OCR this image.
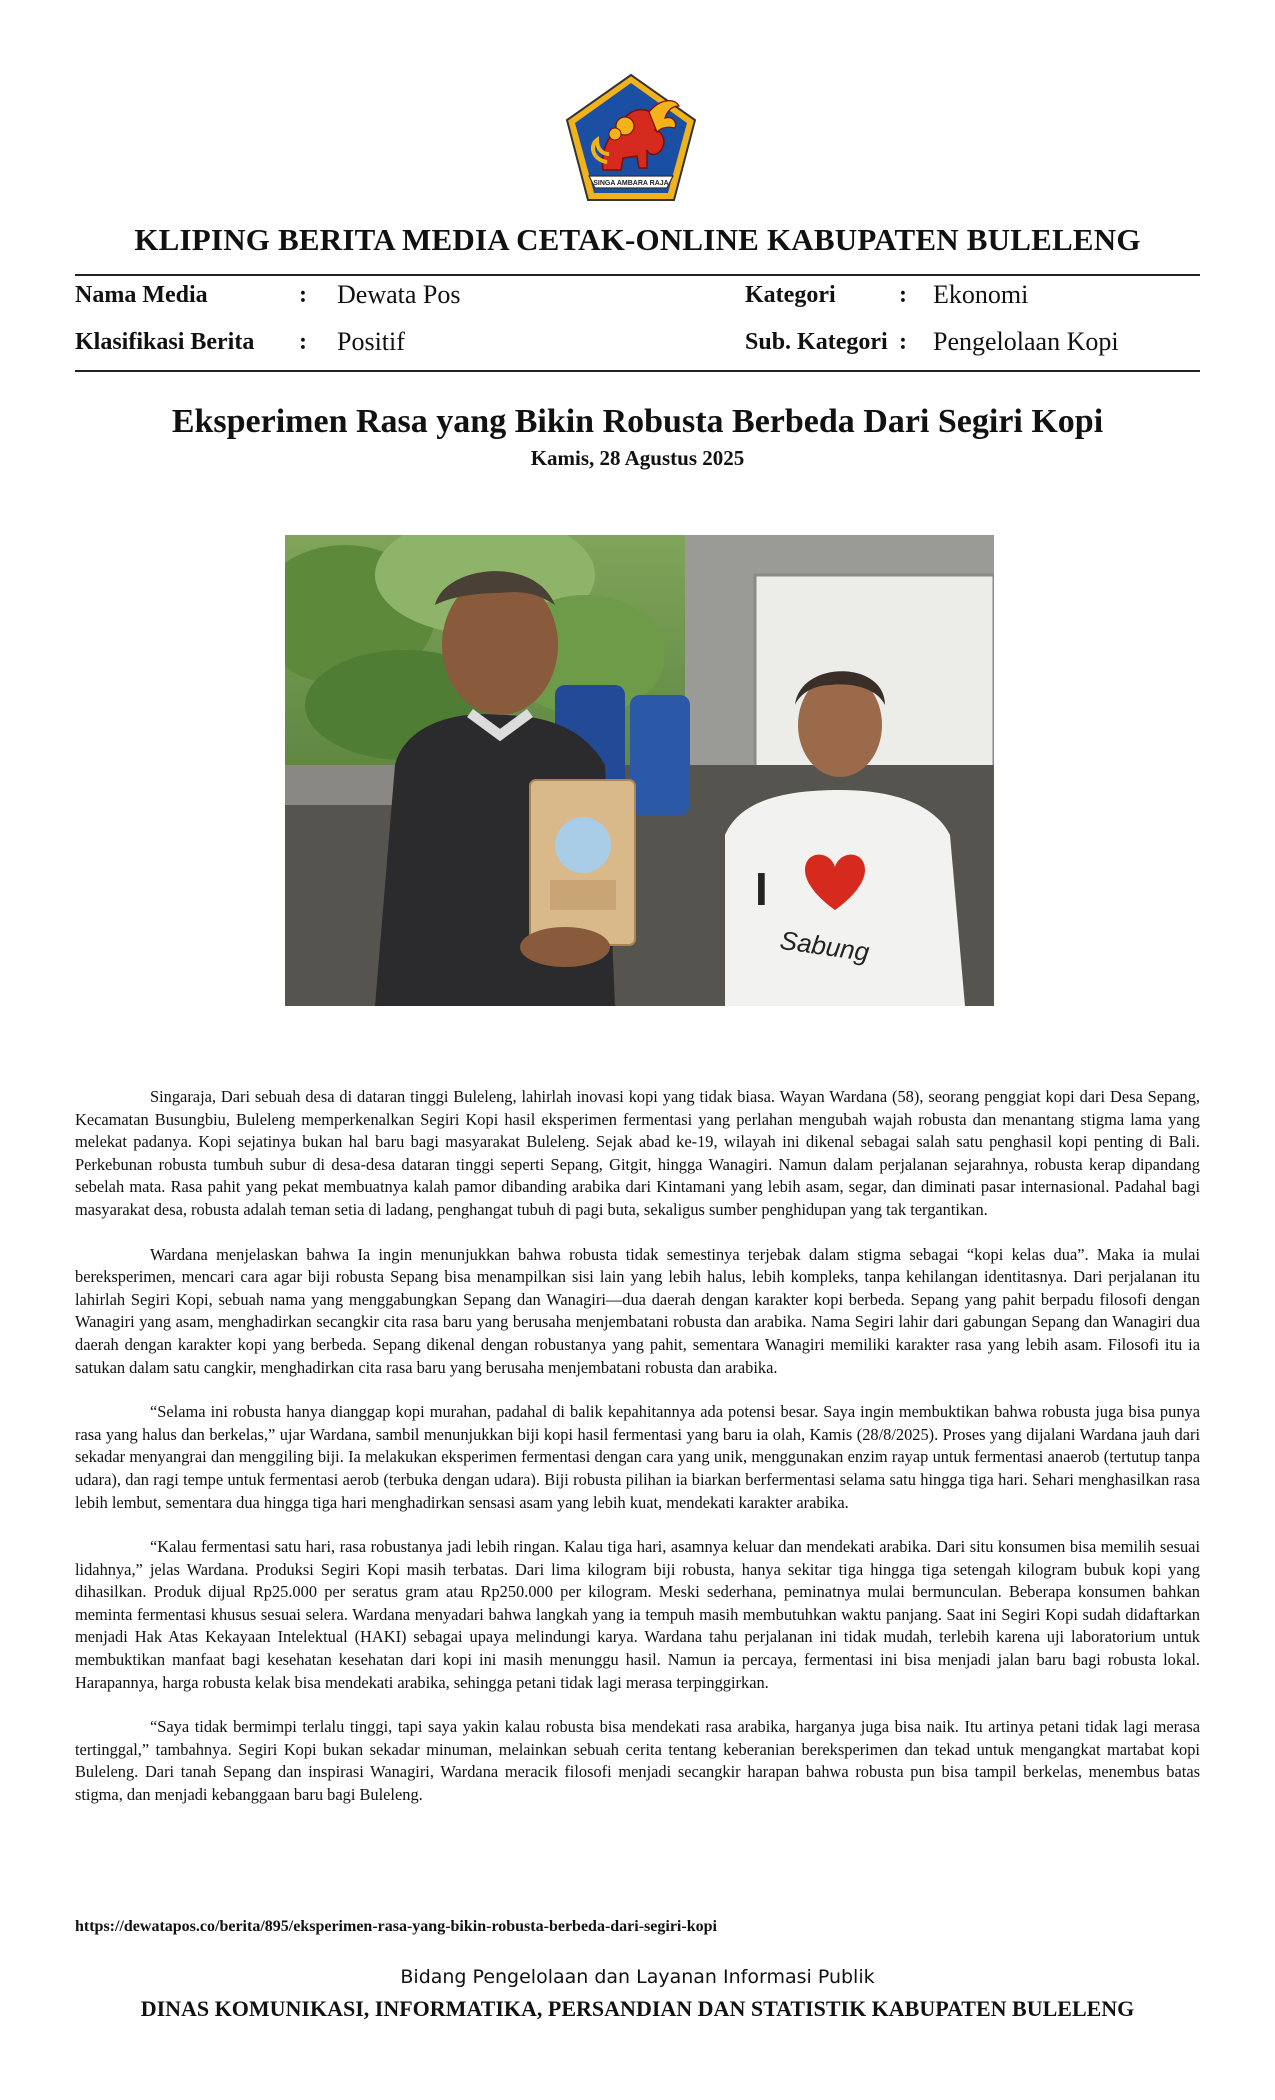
SINGA AMBARA RAJA
KLIPING BERITA MEDIA CETAK-ONLINE KABUPATEN BULELENG
Nama Media	: Dewata Pos	Kategori	: Ekonomi
Klasifikasi Berita : Positif	Sub. Kategori : Pengelolaan Kopi
Eksperimen Rasa yang Bikin Robusta Berbeda Dari Segiri Kopi
Kamis, 28 Agustus 2025
I
Sabung

Singaraja, Dari sebuah desa di dataran tinggi Buleleng, lahirlah inovasi kopi yang tidak biasa. Wayan Wardana (58), seorang penggiat kopi dari Desa Sepang, Kecamatan Busungbiu, Buleleng memperkenalkan Segiri Kopi hasil eksperimen fermentasi yang perlahan mengubah wajah robusta dan menantang stigma lama yang melekat padanya. Kopi sejatinya bukan hal baru bagi masyarakat Buleleng. Sejak abad ke-19, wilayah ini dikenal sebagai salah satu penghasil kopi penting di Bali. Perkebunan robusta tumbuh subur di desa-desa dataran tinggi seperti Sepang, Gitgit, hingga Wanagiri. Namun dalam perjalanan sejarahnya, robusta kerap dipandang sebelah mata. Rasa pahit yang pekat membuatnya kalah pamor dibanding arabika dari Kintamani yang lebih asam, segar, dan diminati pasar internasional. Padahal bagi masyarakat desa, robusta adalah teman setia di ladang, penghangat tubuh di pagi buta, sekaligus sumber penghidupan yang tak tergantikan.

Wardana menjelaskan bahwa Ia ingin menunjukkan bahwa robusta tidak semestinya terjebak dalam stigma sebagai “kopi kelas dua”. Maka ia mulai bereksperimen, mencari cara agar biji robusta Sepang bisa menampilkan sisi lain yang lebih halus, lebih kompleks, tanpa kehilangan identitasnya. Dari perjalanan itu lahirlah Segiri Kopi, sebuah nama yang menggabungkan Sepang dan Wanagiri—dua daerah dengan karakter kopi berbeda. Sepang yang pahit berpadu filosofi dengan Wanagiri yang asam, menghadirkan secangkir cita rasa baru yang berusaha menjembatani robusta dan arabika. Nama Segiri lahir dari gabungan Sepang dan Wanagiri dua daerah dengan karakter kopi yang berbeda. Sepang dikenal dengan robustanya yang pahit, sementara Wanagiri memiliki karakter rasa yang lebih asam. Filosofi itu ia satukan dalam satu cangkir, menghadirkan cita rasa baru yang berusaha menjembatani robusta dan arabika.

“Selama ini robusta hanya dianggap kopi murahan, padahal di balik kepahitannya ada potensi besar. Saya ingin membuktikan bahwa robusta juga bisa punya rasa yang halus dan berkelas,” ujar Wardana, sambil menunjukkan biji kopi hasil fermentasi yang baru ia olah, Kamis (28/8/2025). Proses yang dijalani Wardana jauh dari sekadar menyangrai dan menggiling biji. Ia melakukan eksperimen fermentasi dengan cara yang unik, menggunakan enzim rayap untuk fermentasi anaerob (tertutup tanpa udara), dan ragi tempe untuk fermentasi aerob (terbuka dengan udara). Biji robusta pilihan ia biarkan berfermentasi selama satu hingga tiga hari. Sehari menghasilkan rasa lebih lembut, sementara dua hingga tiga hari menghadirkan sensasi asam yang lebih kuat, mendekati karakter arabika.

“Kalau fermentasi satu hari, rasa robustanya jadi lebih ringan. Kalau tiga hari, asamnya keluar dan mendekati arabika. Dari situ konsumen bisa memilih sesuai lidahnya,” jelas Wardana. Produksi Segiri Kopi masih terbatas. Dari lima kilogram biji robusta, hanya sekitar tiga hingga tiga setengah kilogram bubuk kopi yang dihasilkan. Produk dijual Rp25.000 per seratus gram atau Rp250.000 per kilogram. Meski sederhana, peminatnya mulai bermunculan. Beberapa konsumen bahkan meminta fermentasi khusus sesuai selera. Wardana menyadari bahwa langkah yang ia tempuh masih membutuhkan waktu panjang. Saat ini Segiri Kopi sudah didaftarkan menjadi Hak Atas Kekayaan Intelektual (HAKI) sebagai upaya melindungi karya. Wardana tahu perjalanan ini tidak mudah, terlebih karena uji laboratorium untuk membuktikan manfaat bagi kesehatan kesehatan dari kopi ini masih menunggu hasil. Namun ia percaya, fermentasi ini bisa menjadi jalan baru bagi robusta lokal. Harapannya, harga robusta kelak bisa mendekati arabika, sehingga petani tidak lagi merasa terpinggirkan.

“Saya tidak bermimpi terlalu tinggi, tapi saya yakin kalau robusta bisa mendekati rasa arabika, harganya juga bisa naik. Itu artinya petani tidak lagi merasa tertinggal,” tambahnya. Segiri Kopi bukan sekadar minuman, melainkan sebuah cerita tentang keberanian bereksperimen dan tekad untuk mengangkat martabat kopi Buleleng. Dari tanah Sepang dan inspirasi Wanagiri, Wardana meracik filosofi menjadi secangkir harapan bahwa robusta pun bisa tampil berkelas, menembus batas stigma, dan menjadi kebanggaan baru bagi Buleleng.

https://dewatapos.co/berita/895/eksperimen-rasa-yang-bikin-robusta-berbeda-dari-segiri-kopi
Bidang Pengelolaan dan Layanan Informasi Publik
DINAS KOMUNIKASI, INFORMATIKA, PERSANDIAN DAN STATISTIK KABUPATEN BULELENG
